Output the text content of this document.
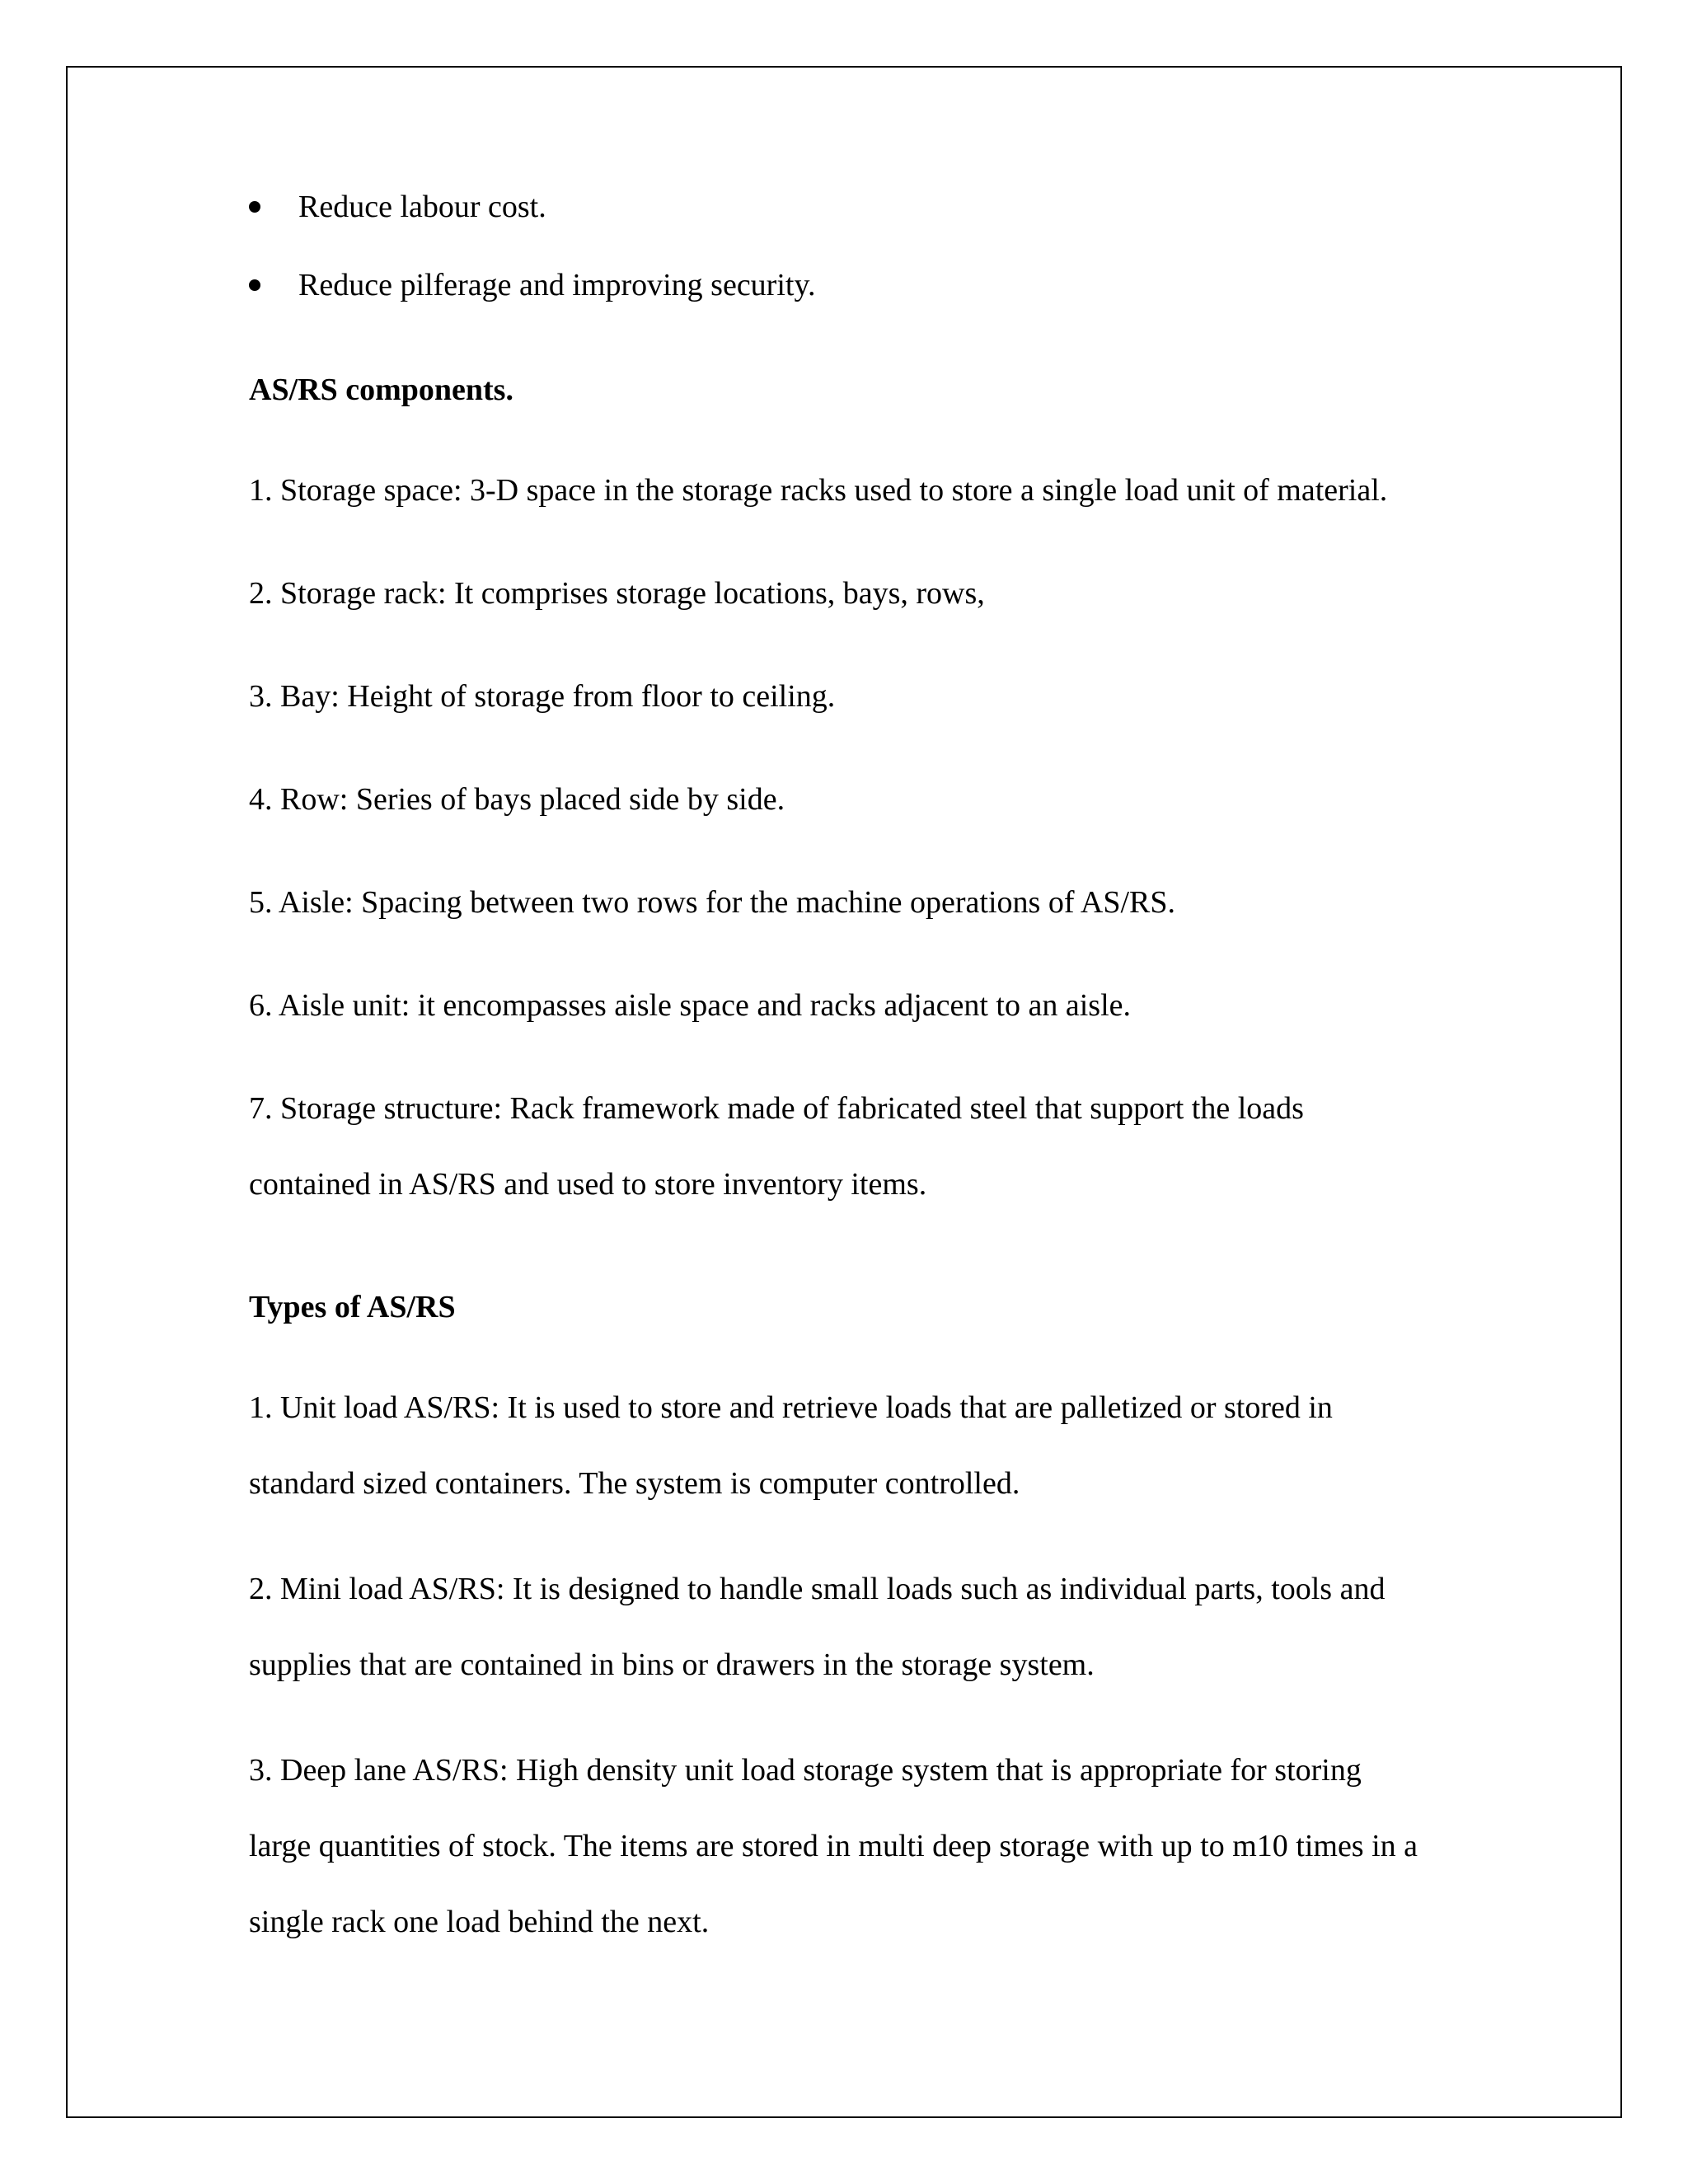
Reduce labour cost.
Reduce pilferage and improving security.
AS/RS components.
1. Storage space: 3-D space in the storage racks used to store a single load unit of material.
2. Storage rack: It comprises storage locations, bays, rows,
3. Bay: Height of storage from floor to ceiling.
4. Row: Series of bays placed side by side.
5. Aisle: Spacing between two rows for the machine operations of AS/RS.
6. Aisle unit: it encompasses aisle space and racks adjacent to an aisle.
7. Storage structure: Rack framework made of fabricated steel that support the loads
contained in AS/RS and used to store inventory items.
Types of AS/RS
1. Unit load AS/RS: It is used to store and retrieve loads that are palletized or stored in
standard sized containers. The system is computer controlled.
2. Mini load AS/RS: It is designed to handle small loads such as individual parts, tools and
supplies that are contained in bins or drawers in the storage system.
3. Deep lane AS/RS: High density unit load storage system that is appropriate for storing
large quantities of stock. The items are stored in multi deep storage with up to m10 times in a
single rack one load behind the next.
